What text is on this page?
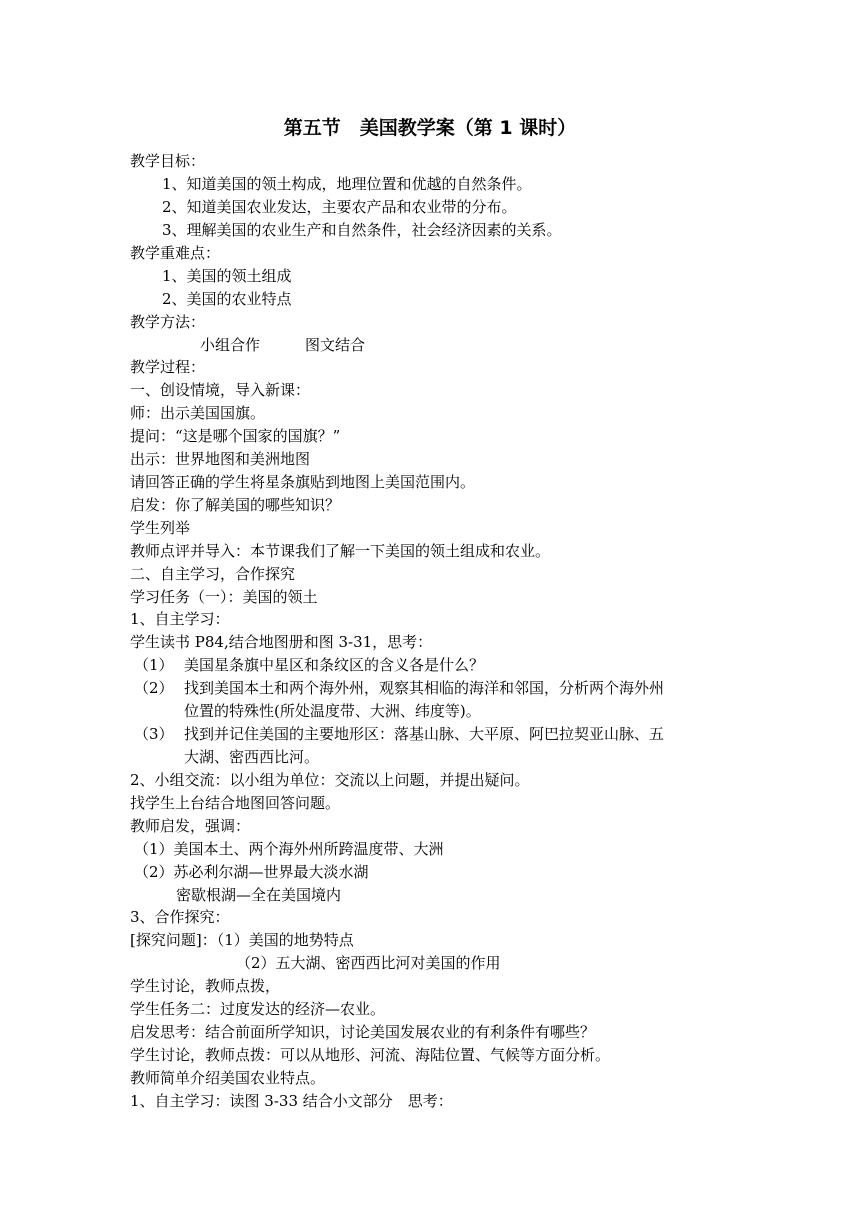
第五节　美国教学案（第 1 课时）
教学目标：
1、知道美国的领土构成，地理位置和优越的自然条件。
2、知道美国农业发达，主要农产品和农业带的分布。
3、理解美国的农业生产和自然条件，社会经济因素的关系。
教学重难点：
1、美国的领土组成
2、美国的农业特点
教学方法：
小组合作　　　图文结合
教学过程：
一、创设情境，导入新课：
师：出示美国国旗。
提问：“这是哪个国家的国旗？”
出示：世界地图和美洲地图
请回答正确的学生将星条旗贴到地图上美国范围内。
启发：你了解美国的哪些知识？
学生列举
教师点评并导入：本节课我们了解一下美国的领土组成和农业。
二、自主学习，合作探究
学习任务（一）：美国的领土
1、自主学习：
学生读书 P84,结合地图册和图 3-31，思考：
（1） 美国星条旗中星区和条纹区的含义各是什么？
（2） 找到美国本土和两个海外州，观察其相临的海洋和邻国，分析两个海外州
位置的特殊性(所处温度带、大洲、纬度等)。
（3） 找到并记住美国的主要地形区：落基山脉、大平原、阿巴拉契亚山脉、五
大湖、密西西比河。
2、小组交流：以小组为单位：交流以上问题，并提出疑问。
找学生上台结合地图回答问题。
教师启发，强调：
（1）美国本土、两个海外州所跨温度带、大洲
（2）苏必利尔湖—世界最大淡水湖
密歇根湖—全在美国境内
3、合作探究：
[探究问题]：（1）美国的地势特点
（2）五大湖、密西西比河对美国的作用
学生讨论，教师点拨，
学生任务二：过度发达的经济—农业。
启发思考：结合前面所学知识，讨论美国发展农业的有利条件有哪些？
学生讨论，教师点拨：可以从地形、河流、海陆位置、气候等方面分析。
教师简单介绍美国农业特点。
1、自主学习：读图 3-33 结合小文部分　思考：
